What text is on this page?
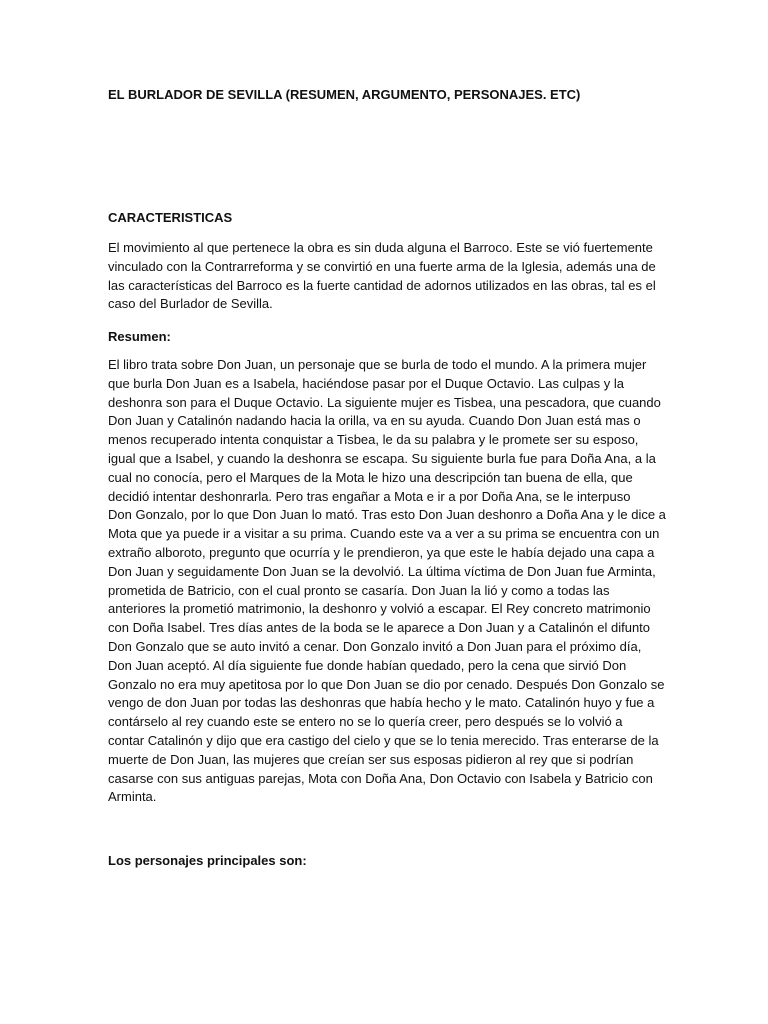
EL BURLADOR DE SEVILLA (RESUMEN, ARGUMENTO, PERSONAJES. ETC)
CARACTERISTICAS
El movimiento al que pertenece la obra es sin duda alguna el Barroco. Este se vió fuertemente
vinculado con la Contrarreforma y se convirtió en una fuerte arma de la Iglesia, además una de
las características del Barroco es la fuerte cantidad de adornos utilizados en las obras, tal es el
caso del Burlador de Sevilla.
Resumen:
El libro trata sobre Don Juan, un personaje que se burla de todo el mundo. A la primera mujer
que burla Don Juan es a Isabela, haciéndose pasar por el Duque Octavio. Las culpas y la
deshonra son para el Duque Octavio. La siguiente mujer es Tisbea, una pescadora, que cuando
Don Juan y Catalinón nadando hacia la orilla, va en su ayuda. Cuando Don Juan está mas o
menos recuperado intenta conquistar a Tisbea, le da su palabra y le promete ser su esposo,
igual que a Isabel, y cuando la deshonra se escapa. Su siguiente burla fue para Doña Ana, a la
cual no conocía, pero el Marques de la Mota le hizo una descripción tan buena de ella, que
decidió intentar deshonrarla. Pero tras engañar a Mota e ir a por Doña Ana, se le interpuso
Don Gonzalo, por lo que Don Juan lo mató. Tras esto Don Juan deshonro a Doña Ana y le dice a
Mota que ya puede ir a visitar a su prima. Cuando este va a ver a su prima se encuentra con un
extraño alboroto, pregunto que ocurría y le prendieron, ya que este le había dejado una capa a
Don Juan y seguidamente Don Juan se la devolvió. La última víctima de Don Juan fue Arminta,
prometida de Batricio, con el cual pronto se casaría. Don Juan la lió y como a todas las
anteriores la prometió matrimonio, la deshonro y volvió a escapar. El Rey concreto matrimonio
con Doña Isabel. Tres días antes de la boda se le aparece a Don Juan y a Catalinón el difunto
Don Gonzalo que se auto invitó a cenar. Don Gonzalo invitó a Don Juan para el próximo día,
Don Juan aceptó. Al día siguiente fue donde habían quedado, pero la cena que sirvió Don
Gonzalo no era muy apetitosa por lo que Don Juan se dio por cenado. Después Don Gonzalo se
vengo de don Juan por todas las deshonras que había hecho y le mato. Catalinón huyo y fue a
contárselo al rey cuando este se entero no se lo quería creer, pero después se lo volvió a
contar Catalinón y dijo que era castigo del cielo y que se lo tenia merecido. Tras enterarse de la
muerte de Don Juan, las mujeres que creían ser sus esposas pidieron al rey que si podrían
casarse con sus antiguas parejas, Mota con Doña Ana, Don Octavio con Isabela y Batricio con
Arminta.
Los personajes principales son:
